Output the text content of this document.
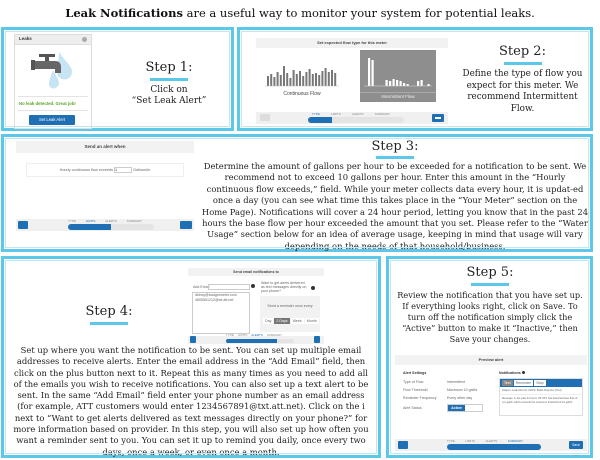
Leak Notifications are a useful way to monitor your system for potential leaks.
Leaks
No leak detected. Great job!
Set Leak Alert
Step 1:
Click on
“Set Leak Alert”
Set expected flow type for this meter
Continuous Flow	Intermittent Flow
TYPE	LIMITS	ALERTS	SUMMARY
Step 2:
Define the type of flow you expect for this meter. We recommend Intermittent Flow.
Send an alert when
Hourly continuous flow exceeds 1	Gallons/hr
TYPE	LIMITS	ALERTS	SUMMARY
Step 3:
Determine the amount of gallons per hour to be exceeded for a notification to be sent. We recommend not to exceed 10 gallons per hour. Enter this amount in the “Hourly continuous flow exceeds,” field. While your meter collects data every hour, it is updat-ed once a day (you can see what time this takes place in the “Your Meter” section on the Home Page). Notifications will cover a 24 hour period, letting you know that in the past 24 hours the base flow per hour exceeded the amount that you set. Please refer to the “Water Usage” section below for an idea of average usage, keeping in mind that usage will vary depending on the needs of that household/business.
Step 4:
Send email notifications to
Add Email
dkincy@badgermeter.com
4805551212@txt.att.net
Want to get alerts delivered as text messages directly on your phone?
Send a reminder once every
Day	2 Days	Week	Month
TYPE LIMITS ALERTS SUMMARY
Set up where you want the notification to be sent. You can set up multiple email addresses to receive alerts. Enter the email address in the “Add Email” field, then click on the plus button next to it. Repeat this as many times as you need to add all of the emails you wish to receive notifications. You can also set up a text alert to be sent. In the same “Add Email” field enter your phone number as an email address (for example, ATT customers would enter 1234567891@txt.att.net). Click on the i next to “Want to get alerts delivered as text messages directly on your phone?” for more information based on provider. In this step, you will also set up how often you want a reminder sent to you. You can set it up to remind you daily, once every two days, once a week, or even once a month.
Step 5:
Review the notification that you have set up. If everything looks right, click on Save. To turn off the notification simply click the “Active” button to make it “Inactive,” then Save your changes.
Preview alert
Alert Settings
Type of Flow	Intermittent
Flow Threshold	Maximum 10 gal/hr
Reminder Frequency	Every other day
Alert Status	Active
Notifications
Text	Reminder	Stop
Subject: Leak Alert for 31079, Battle Drop line [Text]
Message: In the past 24 hours, 80:XXX has detected base flow of xxx gal/hr which exceeds the maximum threshold of 10 gal/hr.
TYPE	LIMITS	ALERTS	SUMMARY
Save
